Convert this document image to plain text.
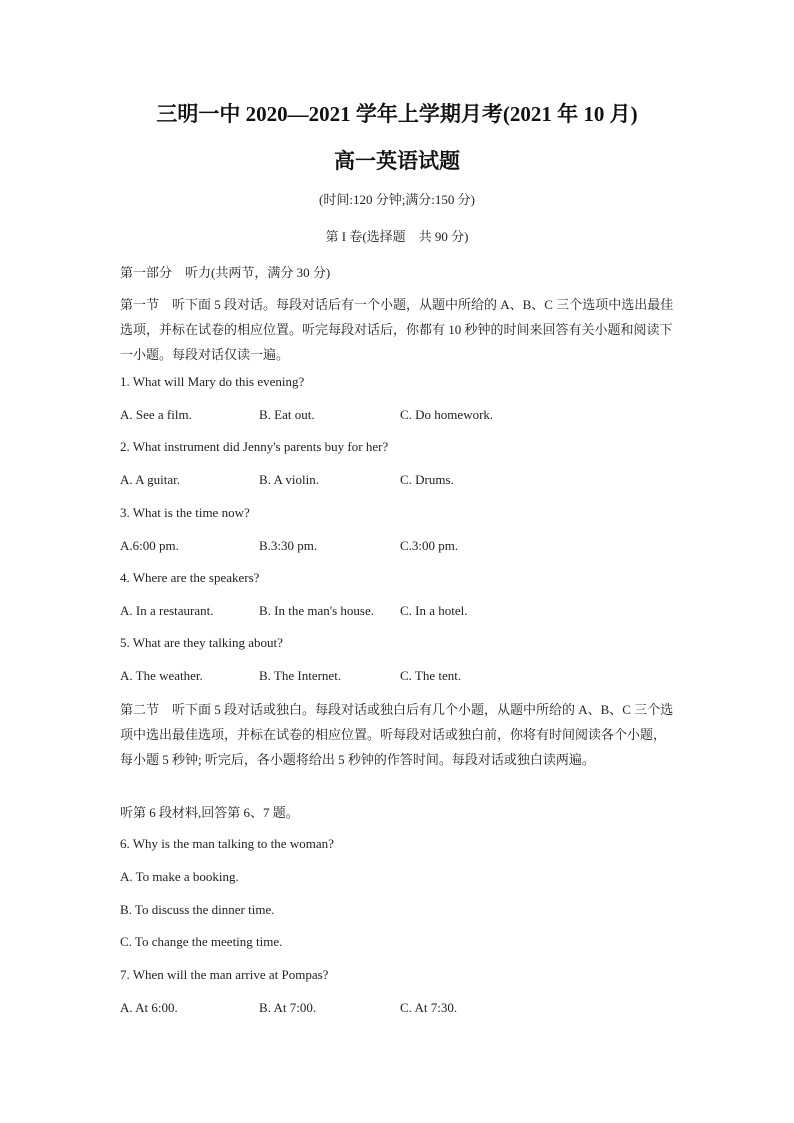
三明一中 2020—2021 学年上学期月考(2021 年 10 月)
高一英语试题
(时间:120 分钟;满分:150 分)
第 I 卷(选择题　共 90 分)
第一部分　听力(共两节，满分 30 分)
第一节　听下面 5 段对话。每段对话后有一个小题，从题中所给的 A、B、C 三个选项中选出最佳选项，并标在试卷的相应位置。听完每段对话后，你都有 10 秒钟的时间来回答有关小题和阅读下一小题。每段对话仅读一遍。
1. What will Mary do this evening?
A. See a film.	B. Eat out.	C. Do homework.
2. What instrument did Jenny's parents buy for her?
A. A guitar.	B. A violin.	C. Drums.
3. What is the time now?
A.6:00 pm.	B.3:30 pm.	C.3:00 pm.
4. Where are the speakers?
A. In a restaurant.	B. In the man's house. C. In a hotel.
5. What are they talking about?
A. The weather.	B. The Internet.	C. The tent.
第二节　听下面 5 段对话或独白。每段对话或独白后有几个小题，从题中所给的 A、B、C 三个选项中选出最佳选项，并标在试卷的相应位置。听每段对话或独白前，你将有时间阅读各个小题，每小题 5 秒钟; 听完后，各小题将给出 5 秒钟的作答时间。每段对话或独白读两遍。
听第 6 段材料,回答第 6、7 题。
6. Why is the man talking to the woman?
A. To make a booking.
B. To discuss the dinner time.
C. To change the meeting time.
7. When will the man arrive at Pompas?
A. At 6:00.	B. At 7:00.	C. At 7:30.
